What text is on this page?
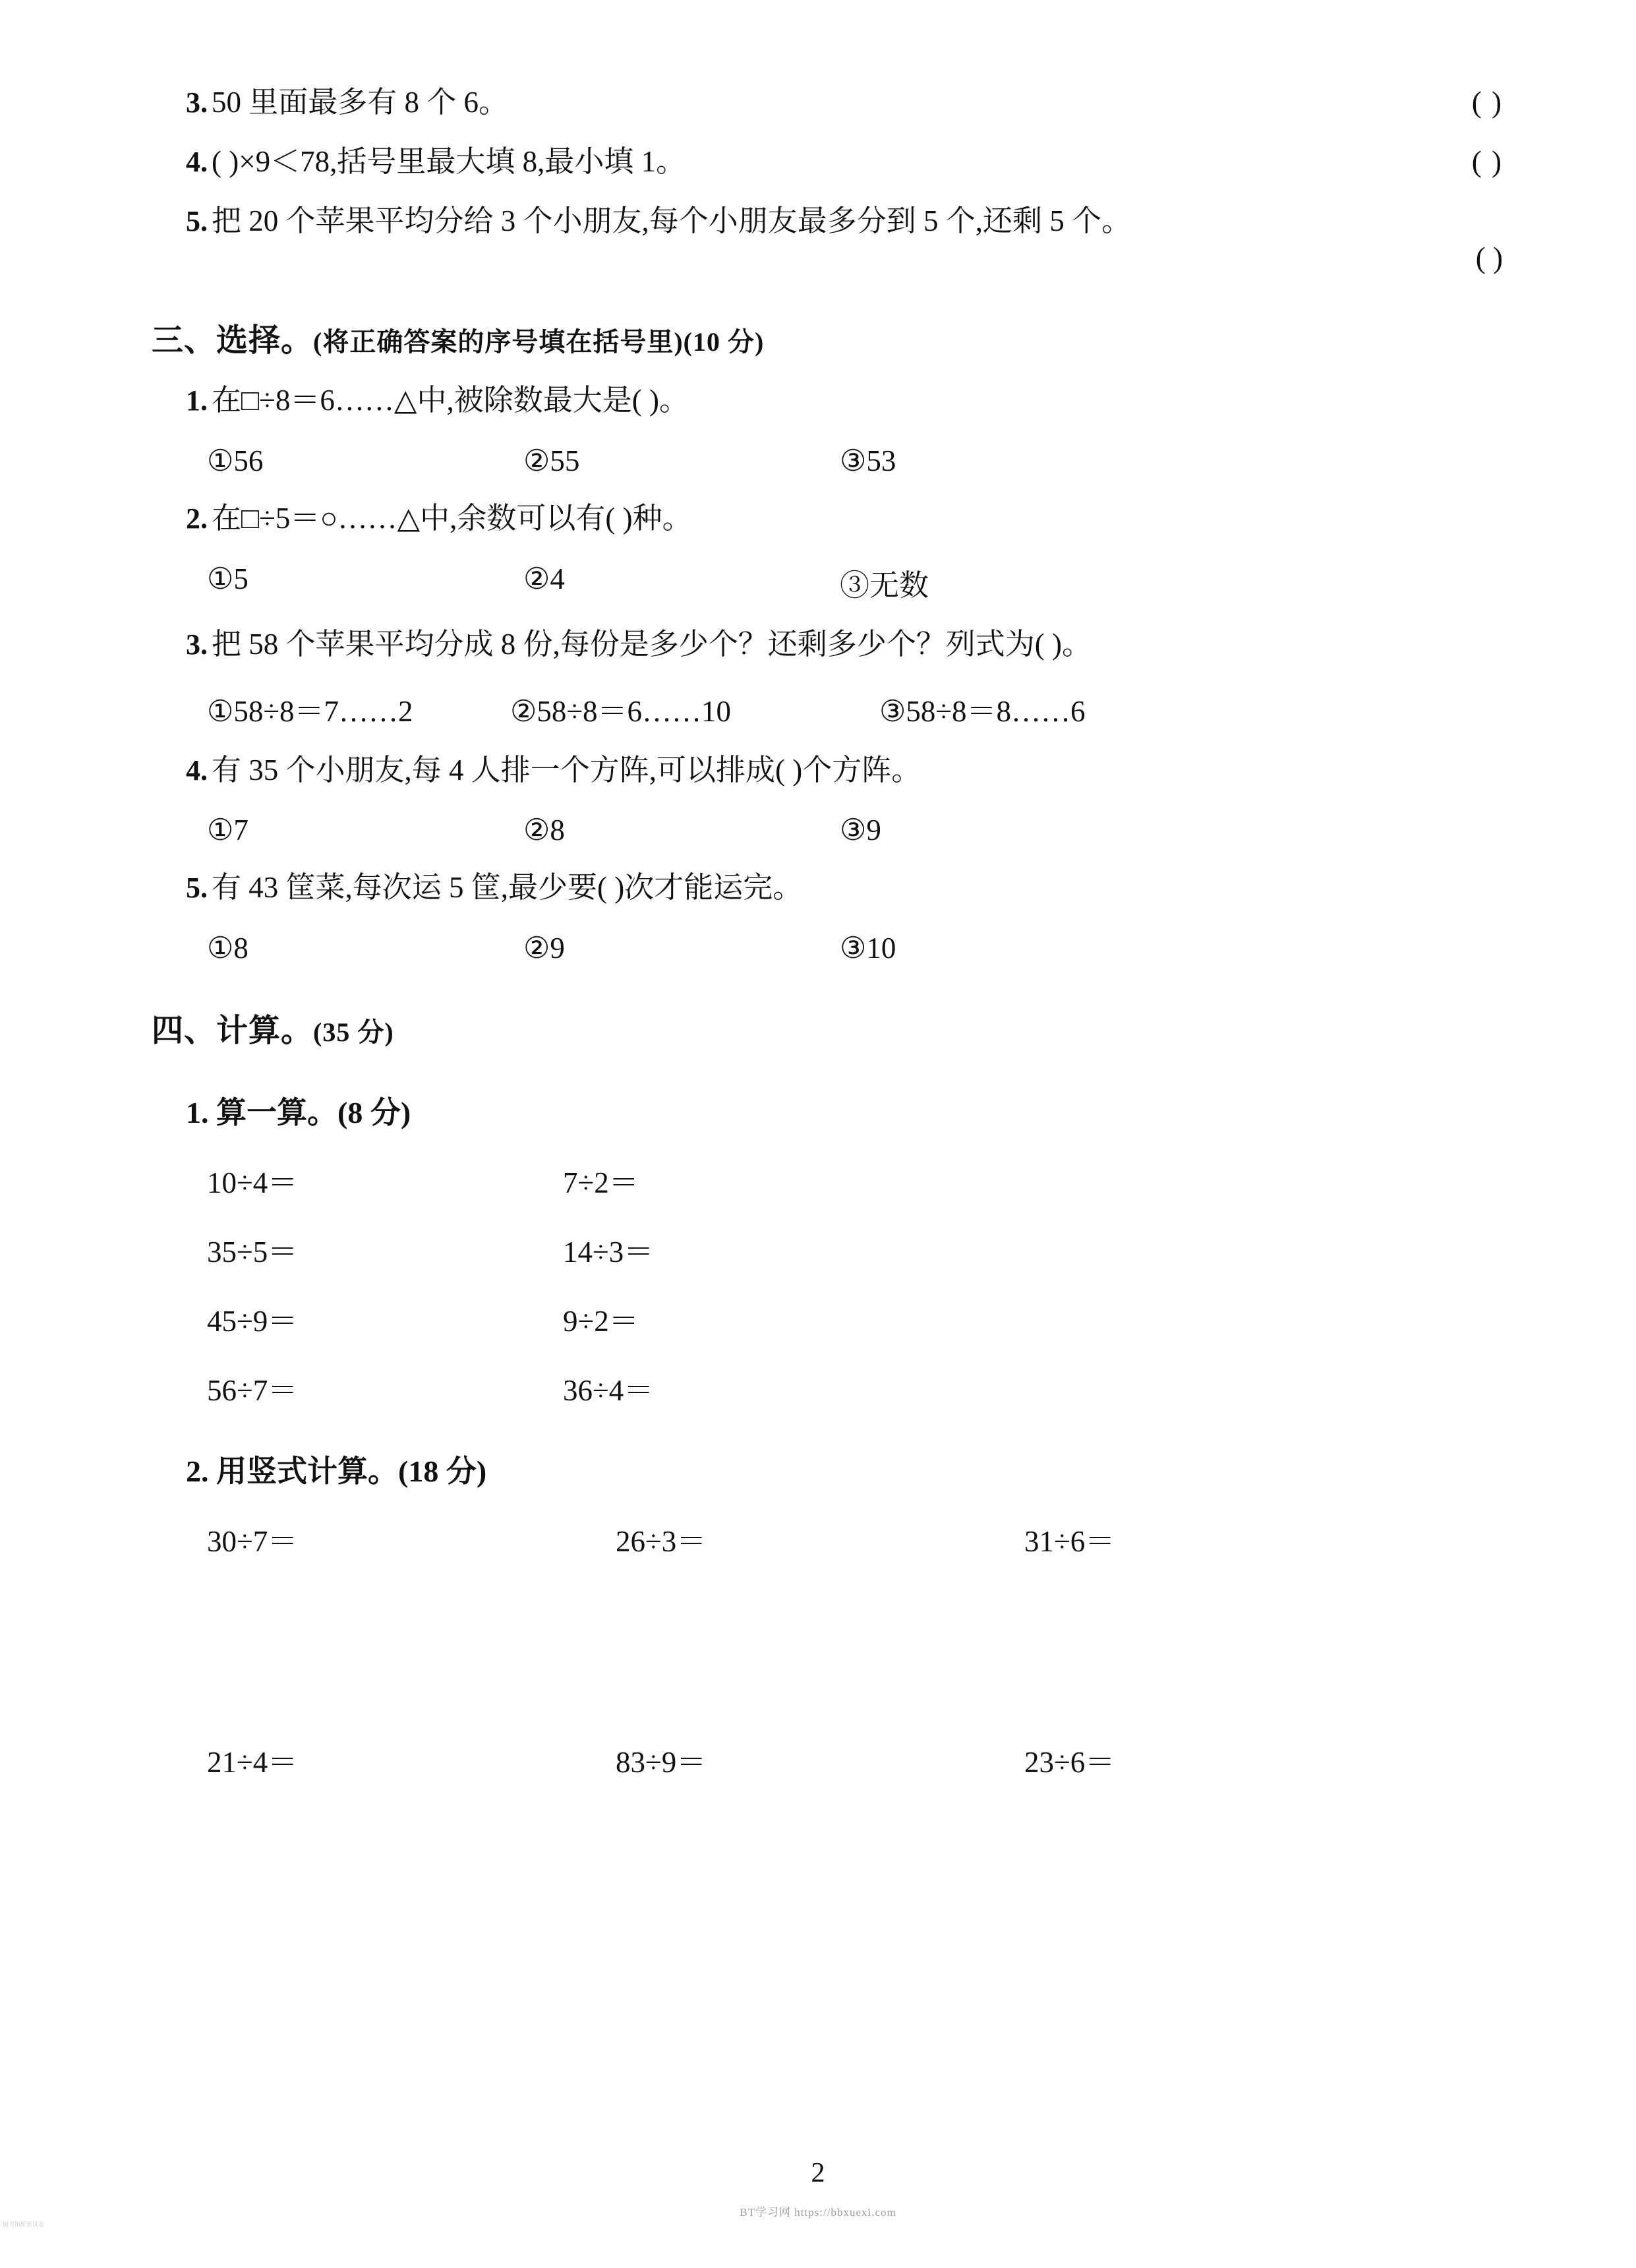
3. 50 里面最多有 8 个 6。	( )
4. ( )×9＜78,括号里最大填 8,最小填 1。	( )
5. 把 20 个苹果平均分给 3 个小朋友,每个小朋友最多分到 5 个,还剩 5 个。
( )
三、选择。(将正确答案的序号填在括号里)(10 分)
1. 在□÷8＝6……△中,被除数最大是( )。
①56	②55	③53
2. 在□÷5＝○……△中,余数可以有( )种。
①5	②4	③无数
3. 把 58 个苹果平均分成 8 份,每份是多少个？还剩多少个？列式为( )。
①58÷8＝7……2	②58÷8＝6……10	③58÷8＝8……6
4. 有 35 个小朋友,每 4 人排一个方阵,可以排成( )个方阵。
①7	②8	③9
5. 有 43 筐菜,每次运 5 筐,最少要( )次才能运完。
①8	②9	③10
四、计算。(35 分)
1. 算一算。(8 分)
10÷4＝	7÷2＝
35÷5＝	14÷3＝
45÷9＝	9÷2＝
56÷7＝	36÷4＝
2. 用竖式计算。(18 分)
30÷7＝	26÷3＝	31÷6＝
21÷4＝	83÷9＝	23÷6＝
2
BT学习网 https://bbxuexi.com
图书馆配套试卷
